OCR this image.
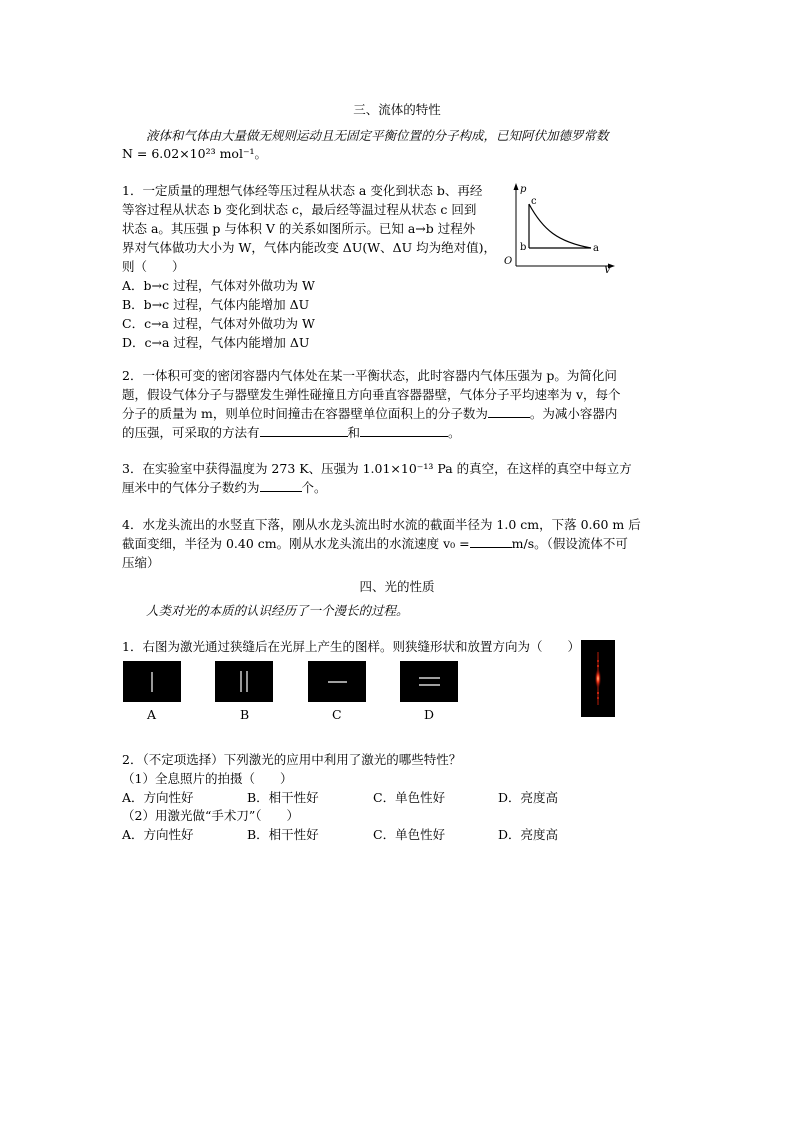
三、流体的特性
液体和气体由大量做无规则运动且无固定平衡位置的分子构成，已知阿伏加德罗常数
N = 6.02×10²³ mol⁻¹。
1．一定质量的理想气体经等压过程从状态 a 变化到状态 b、再经
等容过程从状态 b 变化到状态 c，最后经等温过程从状态 c 回到
状态 a。其压强 p 与体积 V 的关系如图所示。已知 a→b 过程外
界对气体做功大小为 W，气体内能改变 ΔU(W、ΔU 均为绝对值)，
则（　　）
A．b→c 过程，气体对外做功为 W
B．b→c 过程，气体内能增加 ΔU
C．c→a 过程，气体对外做功为 W
D．c→a 过程，气体内能增加 ΔU
p
V
O
c
b	a
2．一体积可变的密闭容器内气体处在某一平衡状态，此时容器内气体压强为 p。为简化问
题，假设气体分子与器壁发生弹性碰撞且方向垂直容器器壁，气体分子平均速率为 v，每个
分子的质量为 m，则单位时间撞击在容器壁单位面积上的分子数为	。为减小容器内
的压强，可采取的方法有	和	。
3．在实验室中获得温度为 273 K、压强为 1.01×10⁻¹³ Pa 的真空，在这样的真空中每立方
厘米中的气体分子数约为	个。
4．水龙头流出的水竖直下落，刚从水龙头流出时水流的截面半径为 1.0 cm，下落 0.60 m 后
截面变细，半径为 0.40 cm。刚从水龙头流出的水流速度 v₀ =	m/s。（假设流体不可
压缩）
四、光的性质
人类对光的本质的认识经历了一个漫长的过程。
1．右图为激光通过狭缝后在光屏上产生的图样。则狭缝形状和放置方向为（　　）
A	B	C	D
2．（不定项选择）下列激光的应用中利用了激光的哪些特性？
（1）全息照片的拍摄（　　）
A．方向性好	B．相干性好	C．单色性好	D．亮度高
（2）用激光做“手术刀”（　　）
A．方向性好	B．相干性好	C．单色性好	D．亮度高
